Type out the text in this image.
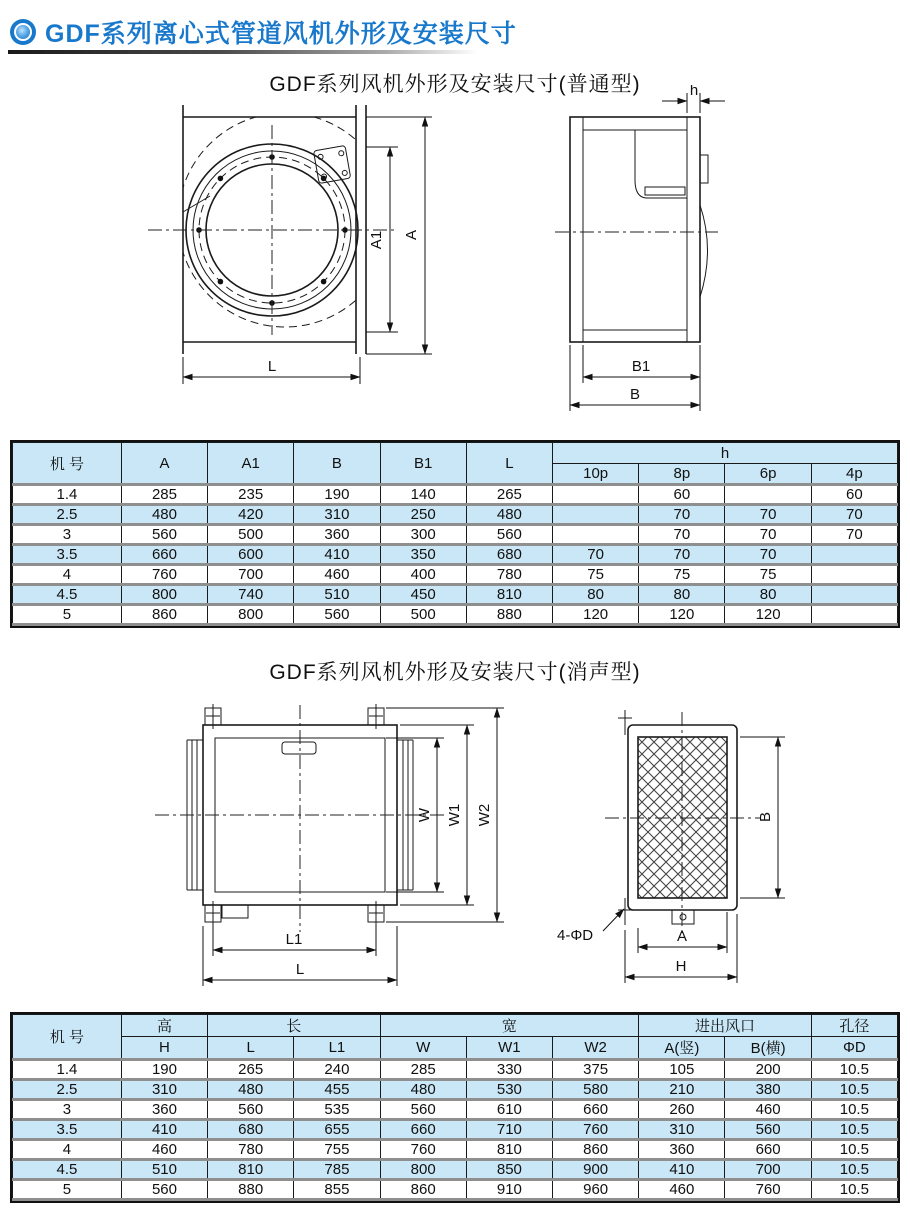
GDF系列离心式管道风机外形及安装尺寸
GDF系列风机外形及安装尺寸(普通型)
A1 A
L
h
B1
B
机 号	A	A1	B	B1	L	h			
						10p	8p	6p	4p
1.4	285	235	190	140	265		60		60
2.5	480	420	310	250	480		70	70	70
3	560	500	360	300	560		70	70	70
3.5	660	600	410	350	680	70	70	70	
4	760	700	460	400	780	75	75	75	
4.5	800	740	510	450	810	80	80	80	
5	860	800	560	500	880	120	120	120	
GDF系列风机外形及安装尺寸(消声型)
W W1 W2
L1
L
B
A
H
4-ΦD
机 号	高	长		宽			进出风口		孔径
	H	L	L1	W	W1	W2	A(竖)	B(横)	ΦD
1.4	190	265	240	285	330	375	105	200	10.5
2.5	310	480	455	480	530	580	210	380	10.5
3	360	560	535	560	610	660	260	460	10.5
3.5	410	680	655	660	710	760	310	560	10.5
4	460	780	755	760	810	860	360	660	10.5
4.5	510	810	785	800	850	900	410	700	10.5
5	560	880	855	860	910	960	460	760	10.5
